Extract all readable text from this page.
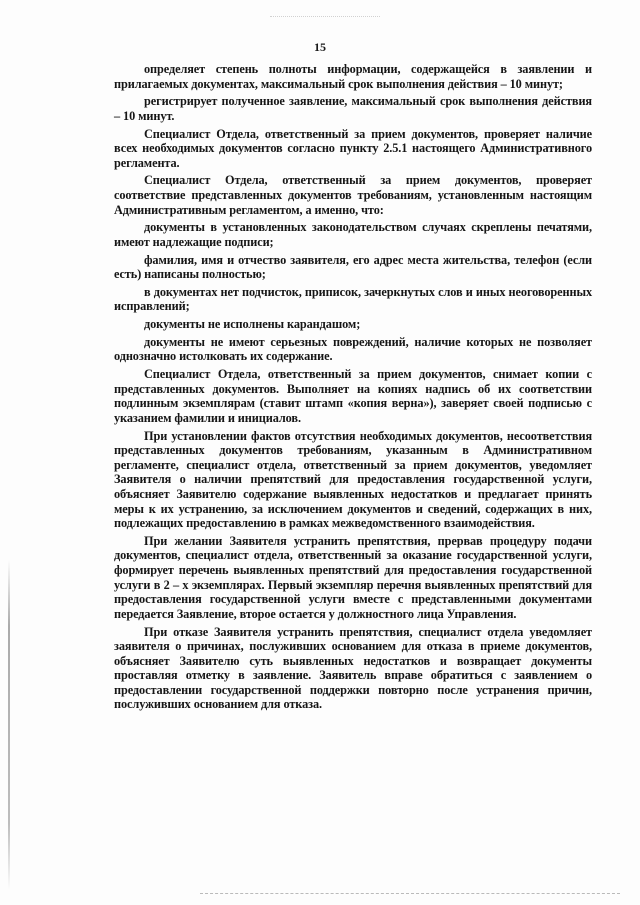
15

определяет степень полноты информации, содержащейся в заявлении и прилагаемых документах, максимальный срок выполнения действия – 10 минут;

регистрирует полученное заявление, максимальный срок выполнения действия – 10 минут.

Специалист Отдела, ответственный за прием документов, проверяет наличие всех необходимых документов согласно пункту 2.5.1 настоящего Административного регламента.

Специалист Отдела, ответственный за прием документов, проверяет соответствие представленных документов требованиям, установленным настоящим Административным регламентом, а именно, что:

документы в установленных законодательством случаях скреплены печатями, имеют надлежащие подписи;

фамилия, имя и отчество заявителя, его адрес места жительства, телефон (если есть) написаны полностью;

в документах нет подчисток, приписок, зачеркнутых слов и иных неоговоренных исправлений;

документы не исполнены карандашом;

документы не имеют серьезных повреждений, наличие которых не позволяет однозначно истолковать их содержание.

Специалист Отдела, ответственный за прием документов, снимает копии с представленных документов. Выполняет на копиях надпись об их соответствии подлинным экземплярам (ставит штамп «копия верна»), заверяет своей подписью с указанием фамилии и инициалов.

При установлении фактов отсутствия необходимых документов, несоответствия представленных документов требованиям, указанным в Административном регламенте, специалист отдела, ответственный за прием документов, уведомляет Заявителя о наличии препятствий для предоставления государственной услуги, объясняет Заявителю содержание выявленных недостатков и предлагает принять меры к их устранению, за исключением документов и сведений, содержащих в них, подлежащих предоставлению в рамках межведомственного взаимодействия.

При желании Заявителя устранить препятствия, прервав процедуру подачи документов, специалист отдела, ответственный за оказание государственной услуги, формирует перечень выявленных препятствий для предоставления государственной услуги в 2 – х экземплярах. Первый экземпляр перечня выявленных препятствий для предоставления государственной услуги вместе с представленными документами передается Заявление, второе остается у должностного лица Управления.

При отказе Заявителя устранить препятствия, специалист отдела уведомляет заявителя о причинах, послуживших основанием для отказа в приеме документов, объясняет Заявителю суть выявленных недостатков и возвращает документы проставляя отметку в заявление. Заявитель вправе обратиться с заявлением о предоставлении государственной поддержки повторно после устранения причин, послуживших основанием для отказа.
